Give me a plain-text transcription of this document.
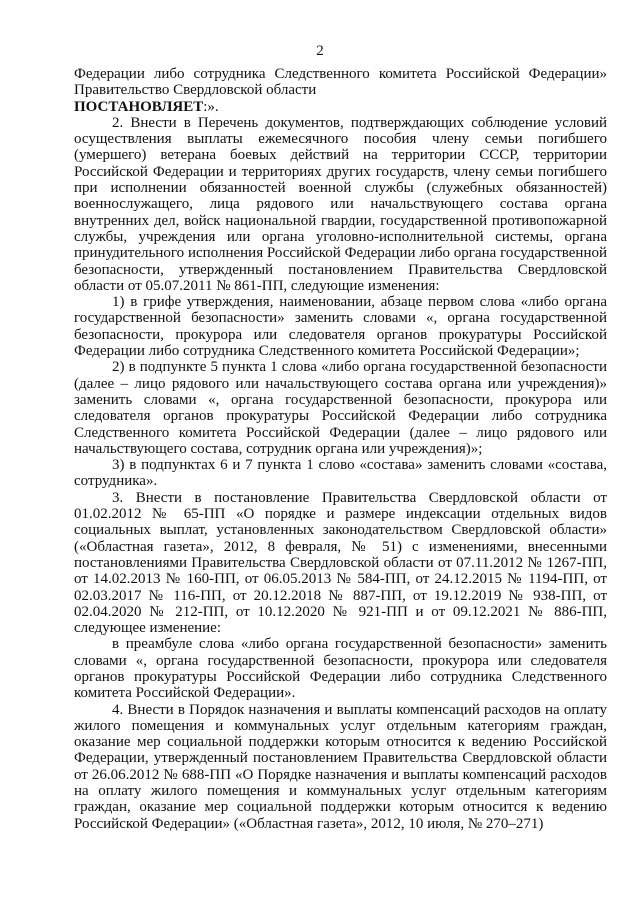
2

Федерации либо сотрудника Следственного комитета Российской Федерации» Правительство Свердловской области

ПОСТАНОВЛЯЕТ:».

2. Внести в Перечень документов, подтверждающих соблюдение условий осуществления выплаты ежемесячного пособия члену семьи погибшего (умершего) ветерана боевых действий на территории СССР, территории Российской Федерации и территориях других государств, члену семьи погибшего при исполнении обязанностей военной службы (служебных обязанностей) военнослужащего, лица рядового или начальствующего состава органа внутренних дел, войск национальной гвардии, государственной противопожарной службы, учреждения или органа уголовно-исполнительной системы, органа принудительного исполнения Российской Федерации либо органа государственной безопасности, утвержденный постановлением Правительства Свердловской области от 05.07.2011 № 861-ПП, следующие изменения:

1) в грифе утверждения, наименовании, абзаце первом слова «либо органа государственной безопасности» заменить словами «, органа государственной безопасности, прокурора или следователя органов прокуратуры Российской Федерации либо сотрудника Следственного комитета Российской Федерации»;

2) в подпункте 5 пункта 1 слова «либо органа государственной безопасности (далее – лицо рядового или начальствующего состава органа или учреждения)» заменить словами «, органа государственной безопасности, прокурора или следователя органов прокуратуры Российской Федерации либо сотрудника Следственного комитета Российской Федерации (далее – лицо рядового или начальствующего состава, сотрудник органа или учреждения)»;

3) в подпунктах 6 и 7 пункта 1 слово «состава» заменить словами «состава, сотрудника».

3. Внести в постановление Правительства Свердловской области от 01.02.2012 № 65-ПП «О порядке и размере индексации отдельных видов социальных выплат, установленных законодательством Свердловской области» («Областная газета», 2012, 8 февраля, № 51) с изменениями, внесенными постановлениями Правительства Свердловской области от 07.11.2012 № 1267-ПП, от 14.02.2013 № 160-ПП, от 06.05.2013 № 584-ПП, от 24.12.2015 № 1194-ПП, от 02.03.2017 № 116-ПП, от 20.12.2018 № 887-ПП, от 19.12.2019 № 938-ПП, от 02.04.2020 № 212-ПП, от 10.12.2020 № 921-ПП и от 09.12.2021 № 886-ПП, следующее изменение:

в преамбуле слова «либо органа государственной безопасности» заменить словами «, органа государственной безопасности, прокурора или следователя органов прокуратуры Российской Федерации либо сотрудника Следственного комитета Российской Федерации».

4. Внести в Порядок назначения и выплаты компенсаций расходов на оплату жилого помещения и коммунальных услуг отдельным категориям граждан, оказание мер социальной поддержки которым относится к ведению Российской Федерации, утвержденный постановлением Правительства Свердловской области от 26.06.2012 № 688-ПП «О Порядке назначения и выплаты компенсаций расходов на оплату жилого помещения и коммунальных услуг отдельным категориям граждан, оказание мер социальной поддержки которым относится к ведению Российской Федерации» («Областная газета», 2012, 10 июля, № 270–271)
